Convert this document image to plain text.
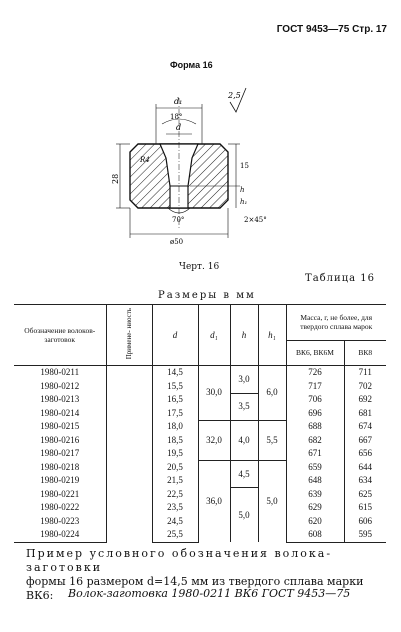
ГОСТ 9453—75 Стр. 17
Форма 16
d₁
18°
d
2,5
R4
28
15
h
h₁
2×45°
70°
ø50
Черт. 16
Таблица 16
Размеры в мм
Обозначение волоков-заготовок	Примене- ниость	d	d₁	h	h₁	Масса, г, не более, для твердого сплава марок	
						ВК6, ВК6М	ВК8
1980-0211		14,5	30,0	3,0	6,0	726	711
1980-0212		15,5				717	702
1980-0213		16,5		3,5		706	692
1980-0214		17,5				696	681
1980-0215		18,0	32,0	4,0	5,5	688	674
1980-0216		18,5				682	667
1980-0217		19,5				671	656
1980-0218		20,5	36,0	4,5	5,0	659	644
1980-0219		21,5				648	634
1980-0221		22,5		5,0		639	625
1980-0222		23,5				629	615
1980-0223		24,5				620	606
1980-0224		25,5				608	595
Пример условного обозначения волока-заготовки
формы 16 размером d=14,5 мм из твердого сплава марки ВК6:	Волок-заготовка 1980-0211 ВК6 ГОСТ 9453—75
